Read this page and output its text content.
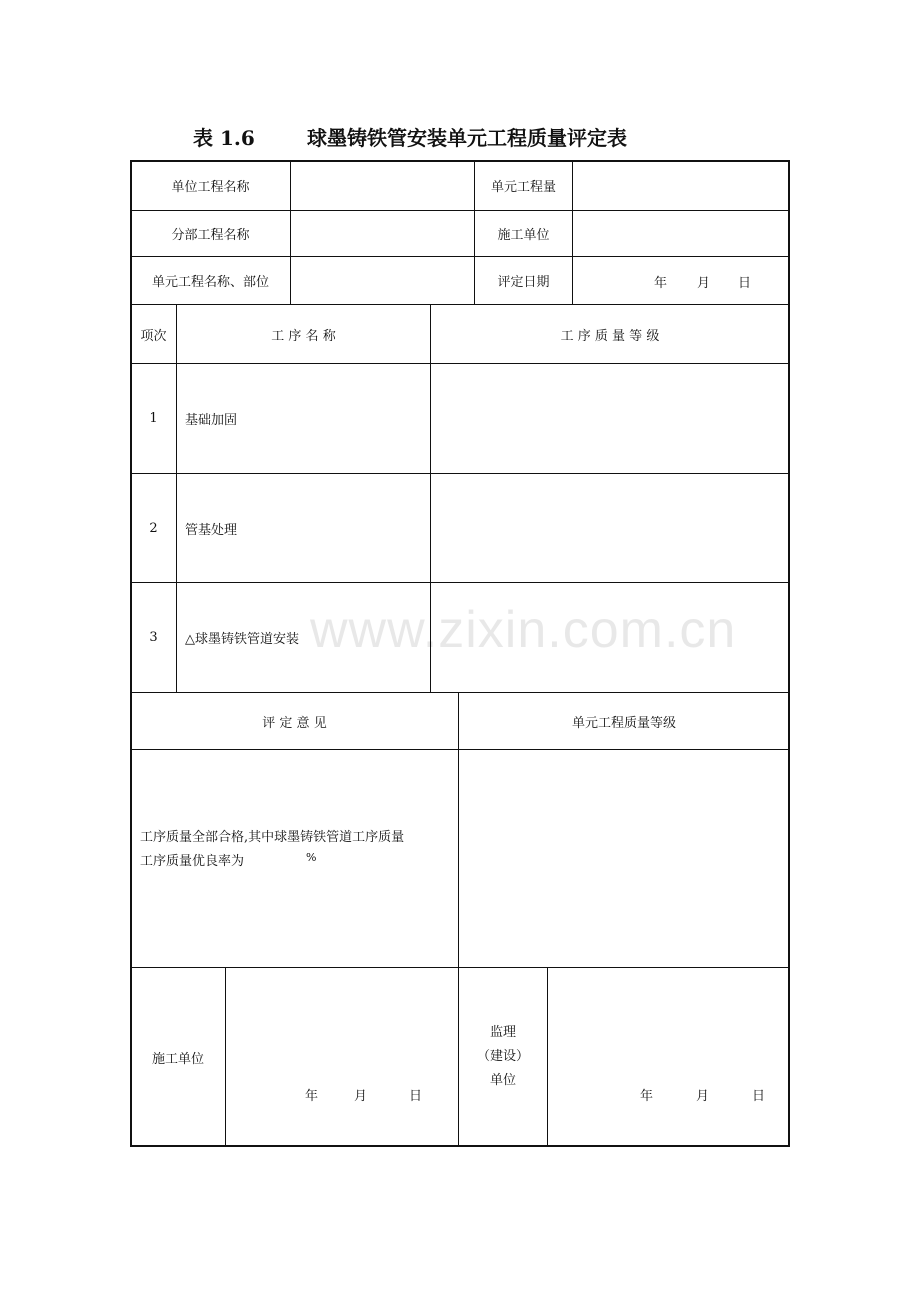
表 1.6	球墨铸铁管安装单元工程质量评定表
单位工程名称	单元工程量
分部工程名称	施工单位
单元工程名称、部位	评定日期	年 月 日
项次	工 序 名 称	工 序 质 量 等 级
1	基础加固
2	管基处理
3	△球墨铸铁管道安装
评 定 意 见	单元工程质量等级
工序质量全部合格,其中球墨铸铁管道工序质量
工序质量优良率为	%
施工单位
年	月	日
监理
（建设）
单位
年	月	日
www.zixin.com.cn
